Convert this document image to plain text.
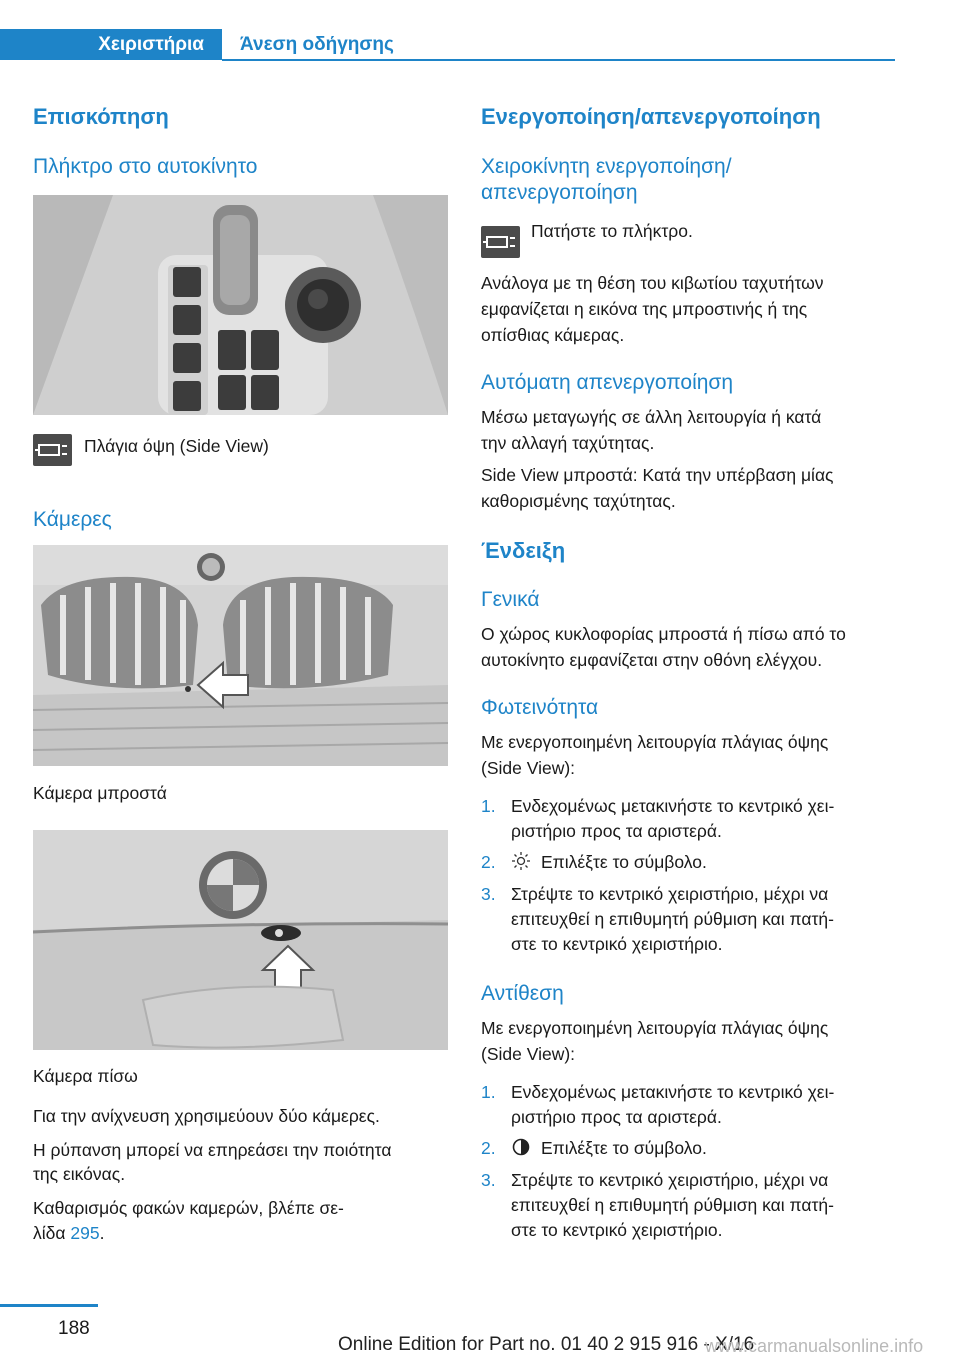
Χειριστήρια	Άνεση οδήγησης
Επισκόπηση
Πλήκτρο στο αυτοκίνητο
Πλάγια όψη (Side View)
Κάμερες
Κάμερα μπροστά
Κάμερα πίσω
Για την ανίχνευση χρησιμεύουν δύο κάμερες.
Η ρύπανση μπορεί να επηρεάσει την ποιότητα
της εικόνας.
Καθαρισμός φακών καμερών, βλέπε σε-
λίδα 295.
Ενεργοποίηση/απενεργοποίηση
Χειροκίνητη ενεργοποίηση/
απενεργοποίηση
Πατήστε το πλήκτρο.
Ανάλογα με τη θέση του κιβωτίου ταχυτήτων
εμφανίζεται η εικόνα της μπροστινής ή της
οπίσθιας κάμερας.
Αυτόματη απενεργοποίηση
Μέσω μεταγωγής σε άλλη λειτουργία ή κατά
την αλλαγή ταχύτητας.
Side View μπροστά: Κατά την υπέρβαση μίας
καθορισμένης ταχύτητας.
Ένδειξη
Γενικά
Ο χώρος κυκλοφορίας μπροστά ή πίσω από το
αυτοκίνητο εμφανίζεται στην οθόνη ελέγχου.
Φωτεινότητα
Με ενεργοποιημένη λειτουργία πλάγιας όψης
(Side View):
1. Ενδεχομένως μετακινήστε το κεντρικό χει-
ριστήριο προς τα αριστερά.
2.	Επιλέξτε το σύμβολο.
3. Στρέψτε το κεντρικό χειριστήριο, μέχρι να
επιτευχθεί η επιθυμητή ρύθμιση και πατή-
στε το κεντρικό χειριστήριο.
Αντίθεση
Με ενεργοποιημένη λειτουργία πλάγιας όψης
(Side View):
1. Ενδεχομένως μετακινήστε το κεντρικό χει-
ριστήριο προς τα αριστερά.
2.	Επιλέξτε το σύμβολο.
3. Στρέψτε το κεντρικό χειριστήριο, μέχρι να
επιτευχθεί η επιθυμητή ρύθμιση και πατή-
στε το κεντρικό χειριστήριο.
188
Online Edition for Part no. 01 40 2 915 916 - X/16
www.carmanualsonline.info
